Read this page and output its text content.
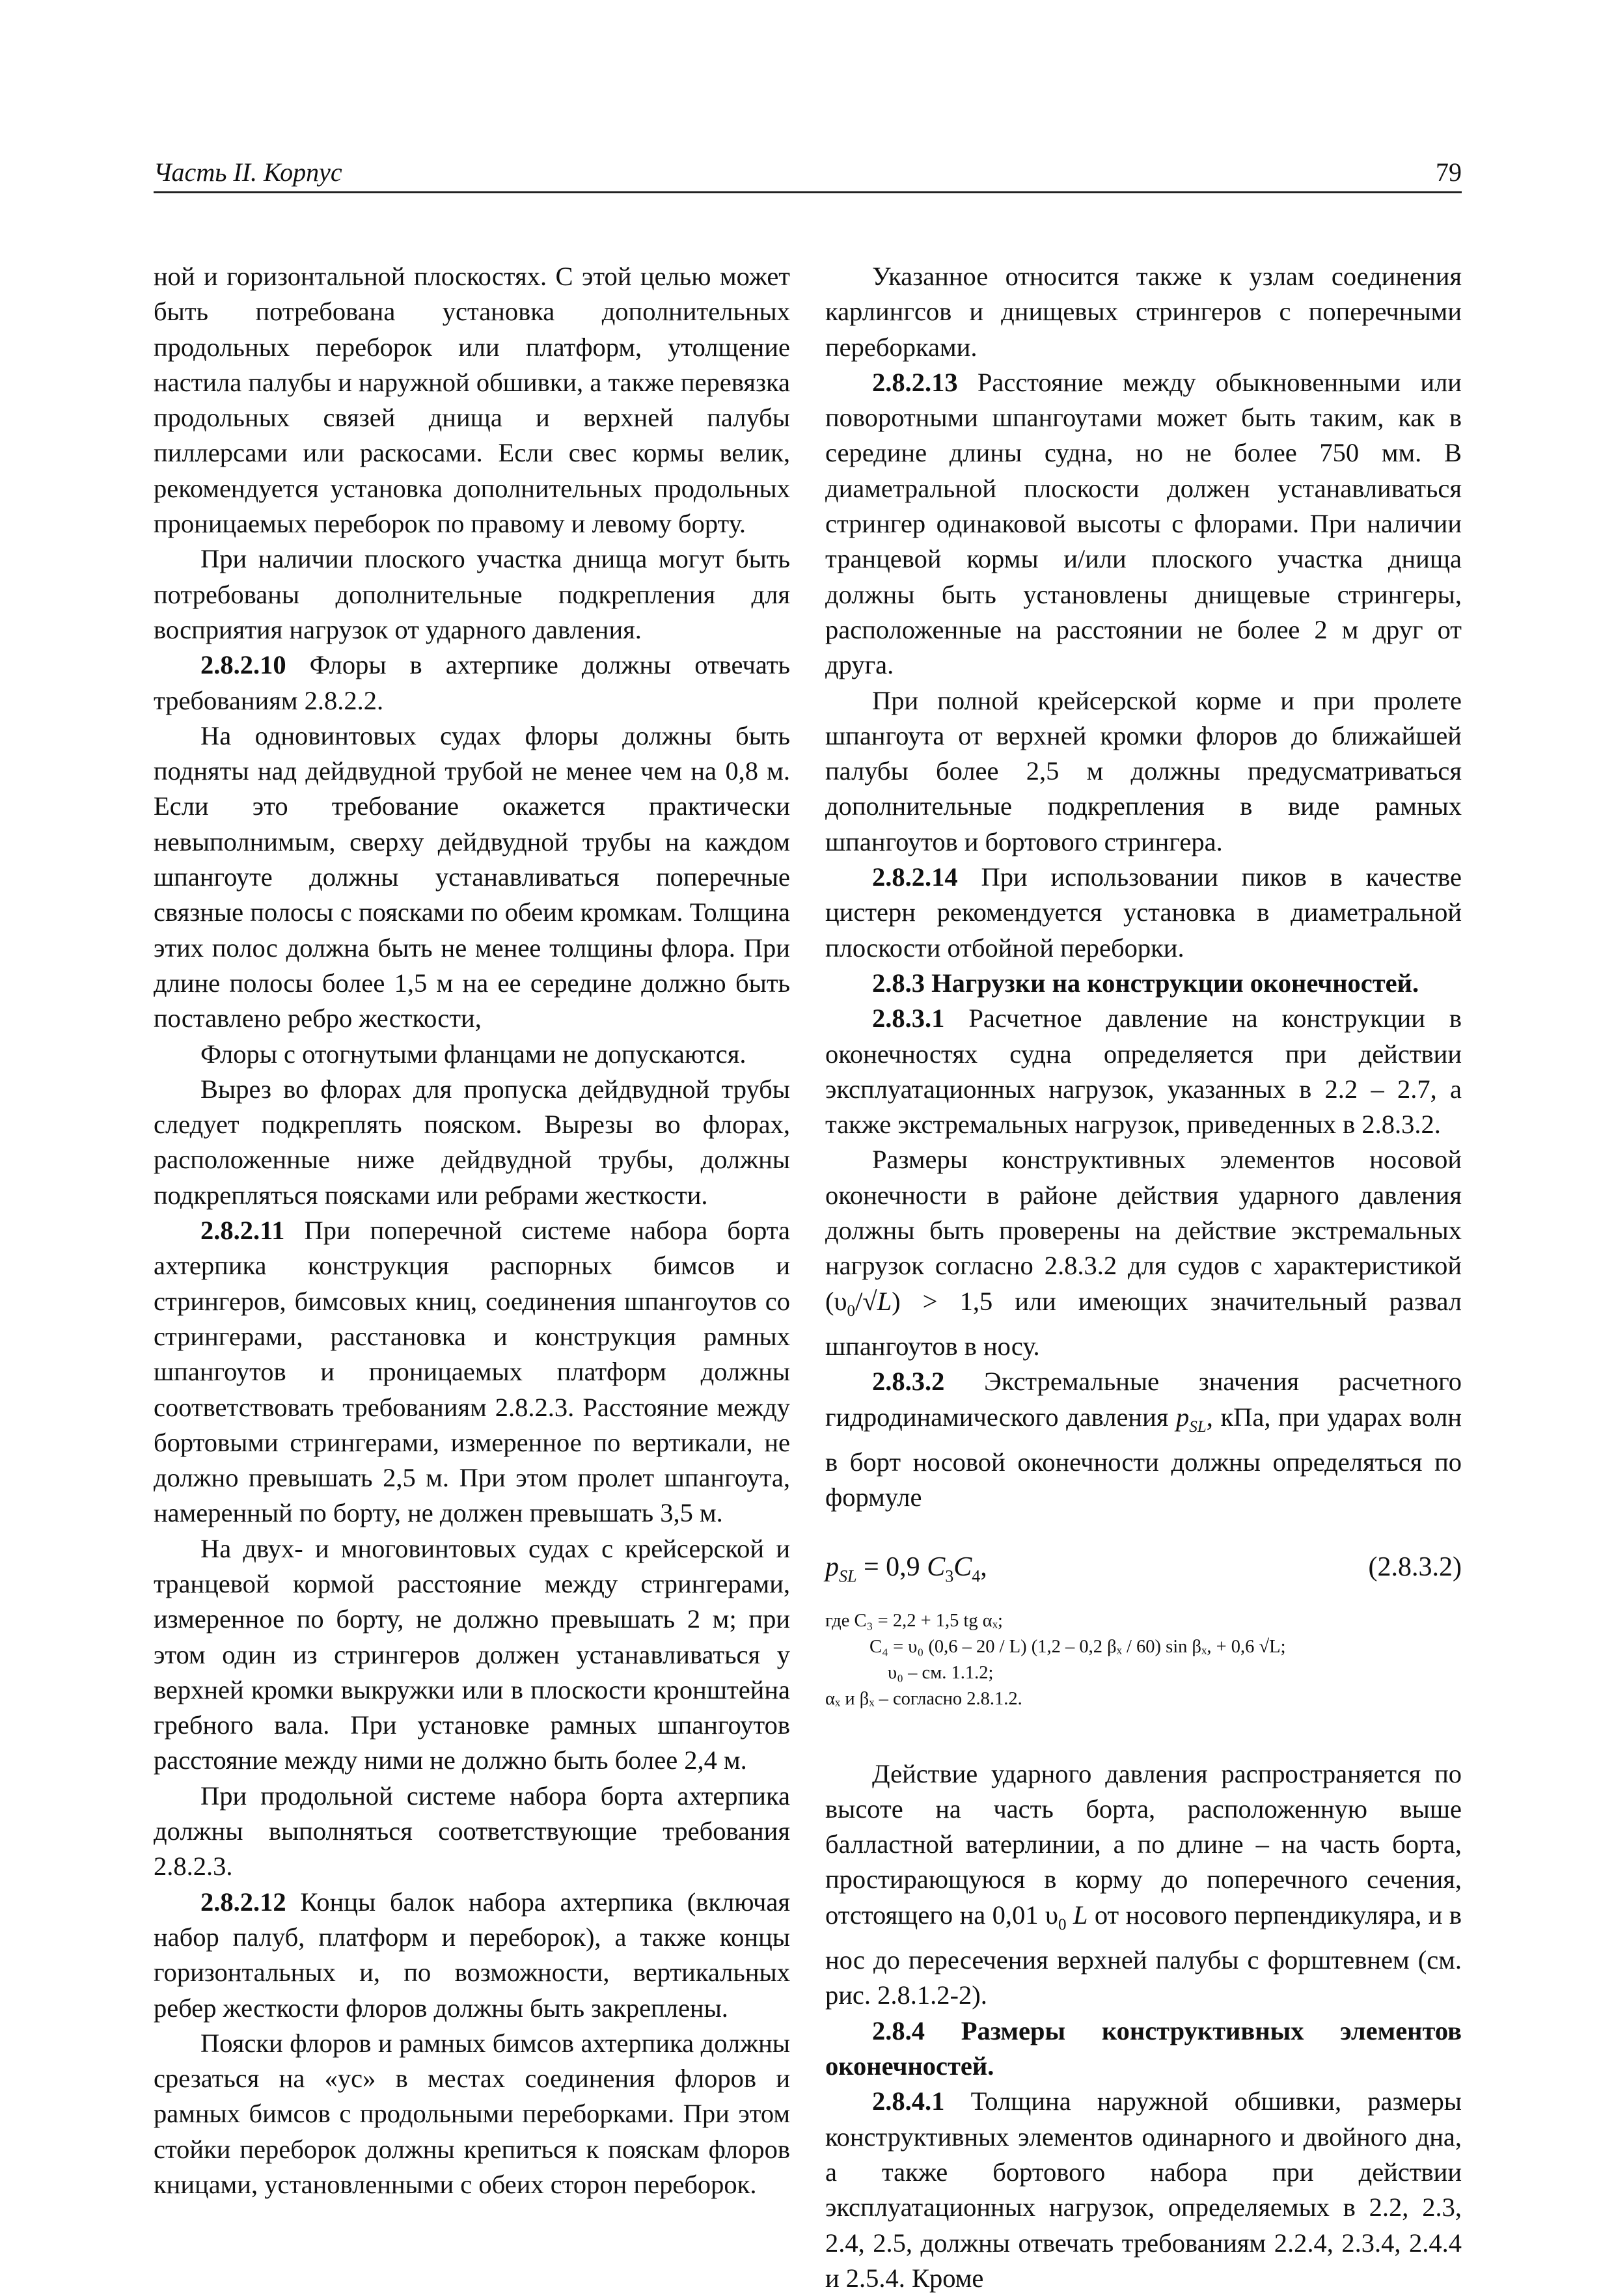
Часть II. Корпус	79

ной и горизонтальной плоскостях. С этой целью может быть потребована установка дополнительных продольных переборок или платформ, утолщение настила палубы и наружной обшивки, а также перевязка продольных связей днища и верхней палубы пиллерсами или раскосами. Если свес кормы велик, рекомендуется установка дополнительных продольных проницаемых переборок по правому и левому борту.

При наличии плоского участка днища могут быть потребованы дополнительные подкрепления для восприятия нагрузок от ударного давления.

2.8.2.10 Флоры в ахтерпике должны отвечать требованиям 2.8.2.2.

На одновинтовых судах флоры должны быть подняты над дейдвудной трубой не менее чем на 0,8 м. Если это требование окажется практически невыполнимым, сверху дейдвудной трубы на каждом шпангоуте должны устанавливаться поперечные связные полосы с поясками по обеим кромкам. Толщина этих полос должна быть не менее толщины флора. При длине полосы более 1,5 м на ее середине должно быть поставлено ребро жесткости,

Флоры с отогнутыми фланцами не допускаются.

Вырез во флорах для пропуска дейдвудной трубы следует подкреплять пояском. Вырезы во флорах, расположенные ниже дейдвудной трубы, должны подкрепляться поясками или ребрами жесткости.

2.8.2.11 При поперечной системе набора борта ахтерпика конструкция распорных бимсов и стрингеров, бимсовых книц, соединения шпангоутов со стрингерами, расстановка и конструкция рамных шпангоутов и проницаемых платформ должны соответствовать требованиям 2.8.2.3. Расстояние между бортовыми стрингерами, измеренное по вертикали, не должно превышать 2,5 м. При этом пролет шпангоута, намеренный по борту, не должен превышать 3,5 м.

На двух- и многовинтовых судах с крейсерской и транцевой кормой расстояние между стрингерами, измеренное по борту, не должно превышать 2 м; при этом один из стрингеров должен устанавливаться у верхней кромки выкружки или в плоскости кронштейна гребного вала. При установке рамных шпангоутов расстояние между ними не должно быть более 2,4 м.

При продольной системе набора борта ахтерпика должны выполняться соответствующие требования 2.8.2.3.

2.8.2.12 Концы балок набора ахтерпика (включая набор палуб, платформ и переборок), а также концы горизонтальных и, по возможности, вертикальных ребер жесткости флоров должны быть закреплены.

Пояски флоров и рамных бимсов ахтерпика должны срезаться на «ус» в местах соединения флоров и рамных бимсов с продольными переборками. При этом стойки переборок должны крепиться к пояскам флоров кницами, установленными с обеих сторон переборок.

Указанное относится также к узлам соединения карлингсов и днищевых стрингеров с поперечными переборками.

2.8.2.13 Расстояние между обыкновенными или поворотными шпангоутами может быть таким, как в середине длины судна, но не более 750 мм. В диаметральной плоскости должен устанавливаться стрингер одинаковой высоты с флорами. При наличии транцевой кормы и/или плоского участка днища должны быть установлены днищевые стрингеры, расположенные на расстоянии не более 2 м друг от друга.

При полной крейсерской корме и при пролете шпангоута от верхней кромки флоров до ближайшей палубы более 2,5 м должны предусматриваться дополнительные подкрепления в виде рамных шпангоутов и бортового стрингера.

2.8.2.14 При использовании пиков в качестве цистерн рекомендуется установка в диаметральной плоскости отбойной переборки.

2.8.3 Нагрузки на конструкции оконечностей.

2.8.3.1 Расчетное давление на конструкции в оконечностях судна определяется при действии эксплуатационных нагрузок, указанных в 2.2 – 2.7, а также экстремальных нагрузок, приведенных в 2.8.3.2.

Размеры конструктивных элементов носовой оконечности в районе действия ударного давления должны быть проверены на действие экстремальных нагрузок согласно 2.8.3.2 для судов с характеристикой $(\upsilon_0/√L) > 1,5$ или имеющих значительный развал шпангоутов в носу.

2.8.3.2 Экстремальные значения расчетного гидродинамического давления $p_{SL}$, кПа, при ударах волн в борт носовой оконечности должны определяться по формуле

$p_{SL} = 0,9$ $C_3C_4$,	(2.8.3.2)
где C₃ = 2,2 + 1,5 tg αₓ;
C₄ = υ₀ (0,6 – 20 / L) (1,2 – 0,2 βₓ / 60) sin βₓ, + 0,6 √L;
υ₀ – см. 1.1.2;
αₓ и βₓ – согласно 2.8.1.2.

Действие ударного давления распространяется по высоте на часть борта, расположенную выше балластной ватерлинии, а по длине – на часть борта, простирающуюся в корму до поперечного сечения, отстоящего на 0,01 $\upsilon_0$ L от носового перпендикуляра, и в нос до пересечения верхней палубы с форштевнем (см. рис. 2.8.1.2-2).

2.8.4 Размеры конструктивных элементов оконечностей.

2.8.4.1 Толщина наружной обшивки, размеры конструктивных элементов одинарного и двойного дна, а также бортового набора при действии эксплуатационных нагрузок, определяемых в 2.2, 2.3, 2.4, 2.5, должны отвечать требованиям 2.2.4, 2.3.4, 2.4.4 и 2.5.4. Кроме
